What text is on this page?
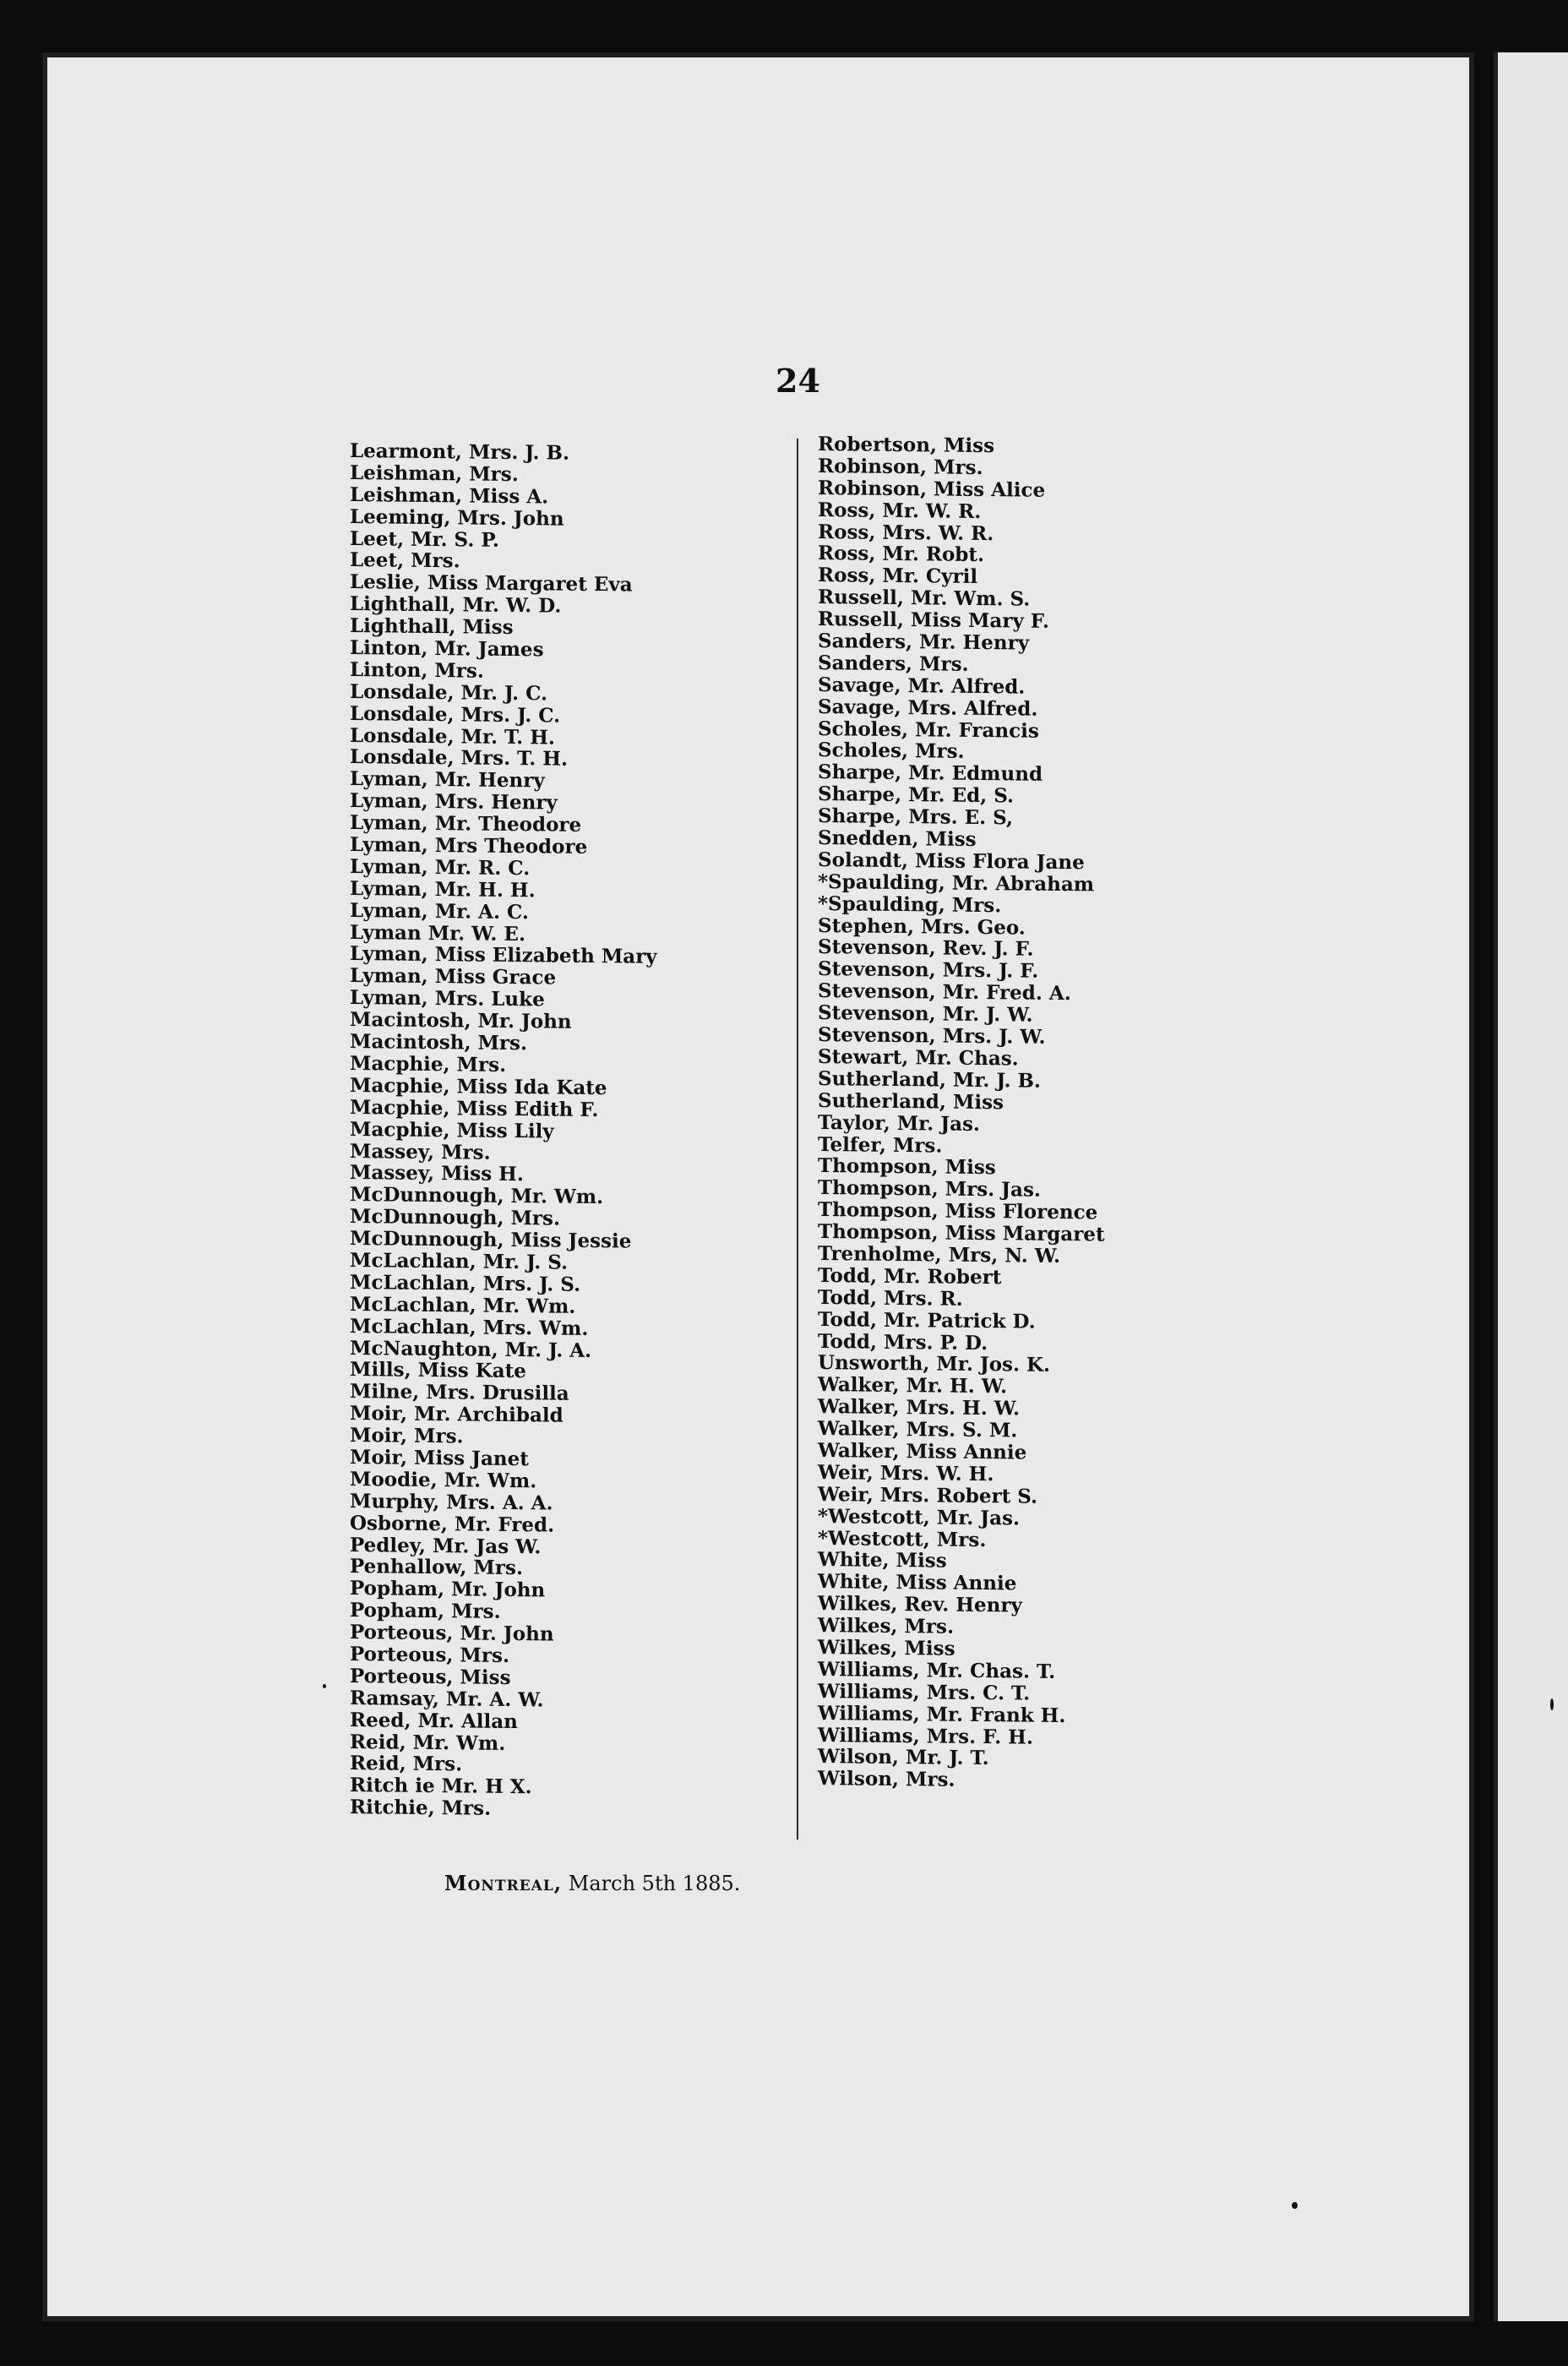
24
Learmont, Mrs. J. B.
Leishman, Mrs.
Leishman, Miss A.
Leeming, Mrs. John
Leet, Mr. S. P.
Leet, Mrs.
Leslie, Miss Margaret Eva
Lighthall, Mr. W. D.
Lighthall, Miss
Linton, Mr. James
Linton, Mrs.
Lonsdale, Mr. J. C.
Lonsdale, Mrs. J. C.
Lonsdale, Mr. T. H.
Lonsdale, Mrs. T. H.
Lyman, Mr. Henry
Lyman, Mrs. Henry
Lyman, Mr. Theodore
Lyman, Mrs Theodore
Lyman, Mr. R. C.
Lyman, Mr. H. H.
Lyman, Mr. A. C.
Lyman Mr. W. E.
Lyman, Miss Elizabeth Mary
Lyman, Miss Grace
Lyman, Mrs. Luke
Macintosh, Mr. John
Macintosh, Mrs.
Macphie, Mrs.
Macphie, Miss Ida Kate
Macphie, Miss Edith F.
Macphie, Miss Lily
Massey, Mrs.
Massey, Miss H.
McDunnough, Mr. Wm.
McDunnough, Mrs.
McDunnough, Miss Jessie
McLachlan, Mr. J. S.
McLachlan, Mrs. J. S.
McLachlan, Mr. Wm.
McLachlan, Mrs. Wm.
McNaughton, Mr. J. A.
Mills, Miss Kate
Milne, Mrs. Drusilla
Moir, Mr. Archibald
Moir, Mrs.
Moir, Miss Janet
Moodie, Mr. Wm.
Murphy, Mrs. A. A.
Osborne, Mr. Fred.
Pedley, Mr. Jas W.
Penhallow, Mrs.
Popham, Mr. John
Popham, Mrs.
Porteous, Mr. John
Porteous, Mrs.
Porteous, Miss
Ramsay, Mr. A. W.
Reed, Mr. Allan
Reid, Mr. Wm.
Reid, Mrs.
Ritch ie Mr. H X.
Ritchie, Mrs.
Robertson, Miss
Robinson, Mrs.
Robinson, Miss Alice
Ross, Mr. W. R.
Ross, Mrs. W. R.
Ross, Mr. Robt.
Ross, Mr. Cyril
Russell, Mr. Wm. S.
Russell, Miss Mary F.
Sanders, Mr. Henry
Sanders, Mrs.
Savage, Mr. Alfred.
Savage, Mrs. Alfred.
Scholes, Mr. Francis
Scholes, Mrs.
Sharpe, Mr. Edmund
Sharpe, Mr. Ed, S.
Sharpe, Mrs. E. S,
Snedden, Miss
Solandt, Miss Flora Jane
*Spaulding, Mr. Abraham
*Spaulding, Mrs.
Stephen, Mrs. Geo.
Stevenson, Rev. J. F.
Stevenson, Mrs. J. F.
Stevenson, Mr. Fred. A.
Stevenson, Mr. J. W.
Stevenson, Mrs. J. W.
Stewart, Mr. Chas.
Sutherland, Mr. J. B.
Sutherland, Miss
Taylor, Mr. Jas.
Telfer, Mrs.
Thompson, Miss
Thompson, Mrs. Jas.
Thompson, Miss Florence
Thompson, Miss Margaret
Trenholme, Mrs, N. W.
Todd, Mr. Robert
Todd, Mrs. R.
Todd, Mr. Patrick D.
Todd, Mrs. P. D.
Unsworth, Mr. Jos. K.
Walker, Mr. H. W.
Walker, Mrs. H. W.
Walker, Mrs. S. M.
Walker, Miss Annie
Weir, Mrs. W. H.
Weir, Mrs. Robert S.
*Westcott, Mr. Jas.
*Westcott, Mrs.
White, Miss
White, Miss Annie
Wilkes, Rev. Henry
Wilkes, Mrs.
Wilkes, Miss
Williams, Mr. Chas. T.
Williams, Mrs. C. T.
Williams, Mr. Frank H.
Williams, Mrs. F. H.
Wilson, Mr. J. T.
Wilson, Mrs.
Montreal, March 5th 1885.
